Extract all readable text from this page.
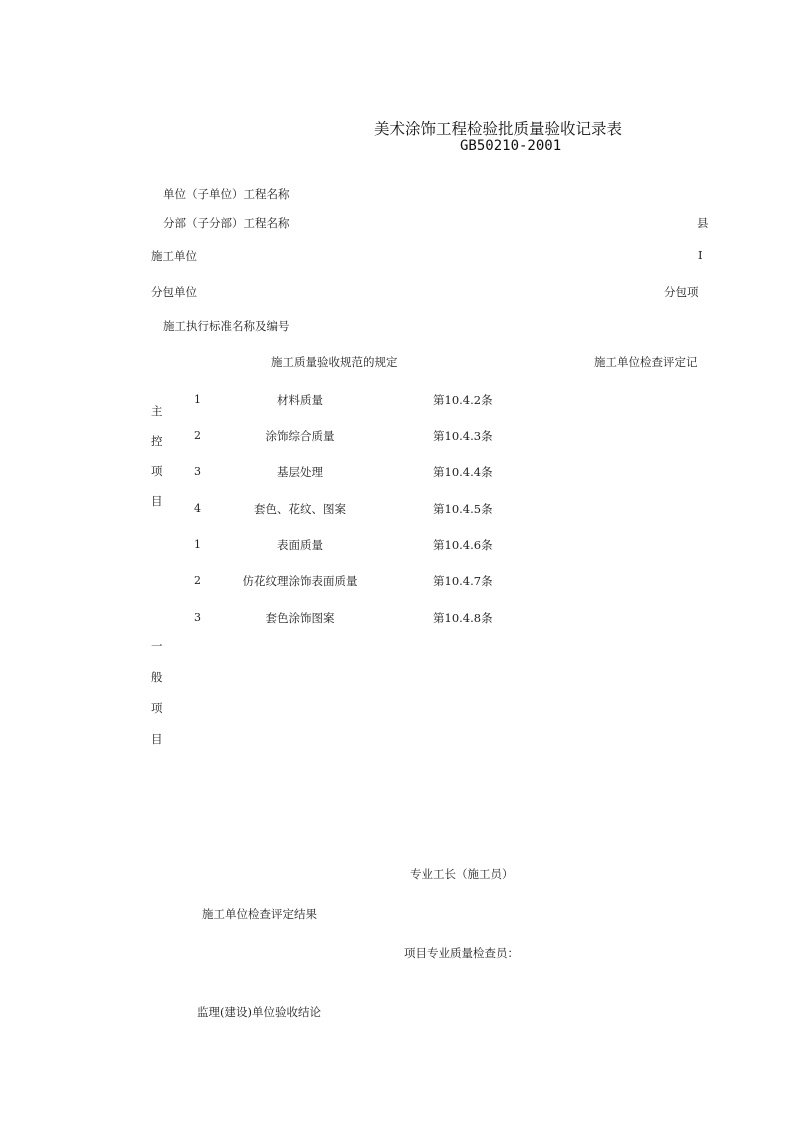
美术涂饰工程检验批质量验收记录表
GB50210-2001
单位（子单位）工程名称
分部（子分部）工程名称	县
施工单位	I
分包单位	分包项
施工执行标准名称及编号
施工质量验收规范的规定	施工单位检查评定记
主
控
项
目
1	材料质量	第10.4.2条
2	涂饰综合质量	第10.4.3条
3	基层处理	第10.4.4条
4	套色、花纹、图案	第10.4.5条
1	表面质量	第10.4.6条
2	仿花纹理涂饰表面质量	第10.4.7条
3	套色涂饰图案	第10.4.8条
一
般
项
目
专业工长（施工员）
施工单位检查评定结果
项目专业质量检查员：
监理(建设)单位验收结论
